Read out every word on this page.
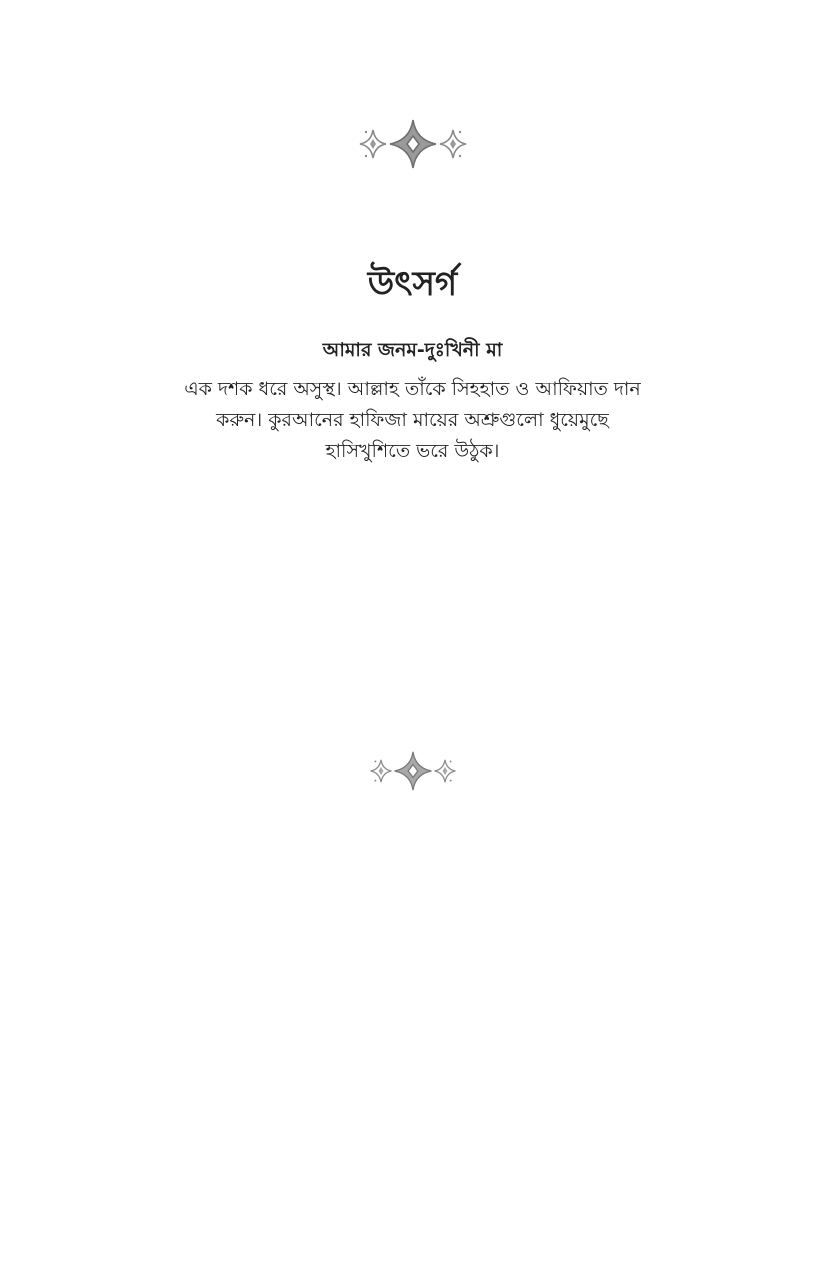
উৎসর্গ
আমার জনম-দুঃখিনী মা

এক দশক ধরে অসুস্থ। আল্লাহ তাঁকে সিহহাত ও আফিয়াত দান করুন। কুরআনের হাফিজা মায়ের অশ্রুগুলো ধুয়েমুছে হাসিখুশিতে ভরে উঠুক।
